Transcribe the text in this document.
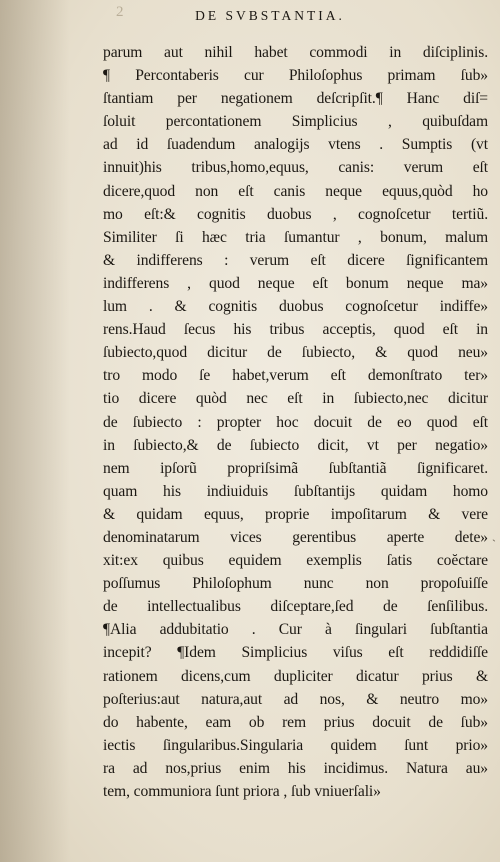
2	DE SVBSTANTIA.
parum aut nihil habet commodi in diſciplinis.
¶ Percontaberis cur Philoſophus primam ſub»
ſtantiam per negationem deſcripſit.¶ Hanc diſ=
ſoluit percontationem Simplicius , quibuſdam
ad id ſuadendum analogijs vtens . Sumptis (vt
innuit)his tribus,homo,equus, canis: verum eſt
dicere,quod non eſt canis neque equus,quòd ho
mo eſt:& cognitis duobus , cognoſcetur tertiũ.
Similiter ſi hæc tria ſumantur , bonum, malum
& indifferens : verum eſt dicere ſignificantem
indifferens , quod neque eſt bonum neque ma»
lum . & cognitis duobus cognoſcetur indiffe»
rens.Haud ſecus his tribus acceptis, quod eſt in
ſubiecto,quod dicitur de ſubiecto, & quod neu»
tro modo ſe habet,verum eſt demonſtrato ter»
tio dicere quòd nec eſt in ſubiecto,nec dicitur
de ſubiecto : propter hoc docuit de eo quod eſt
in ſubiecto,& de ſubiecto dicit, vt per negatio»
nem ipſorũ propriſsimã ſubſtantiã ſignificaret.
quam his indiuiduis ſubſtantijs quidam homo
& quidam equus, proprie impoſitarum & vere
denominatarum vices gerentibus aperte dete»
xit:ex quibus equidem exemplis ſatis coĕctare
poſſumus Philoſophum nunc non propoſuiſſe
de intellectualibus diſceptare,ſed de ſenſilibus.
¶Alia addubitatio . Cur à ſingulari ſubſtantia
incepit? ¶Idem Simplicius viſus eſt reddidiſſe
rationem dicens,cum dupliciter dicatur prius &
poſterius:aut natura,aut ad nos, & neutro mo»
do habente, eam ob rem prius docuit de ſub»
iectis ſingularibus.Singularia quidem ſunt prio»
ra ad nos,prius enim his incidimus. Natura au»
tem, communiora ſunt priora , ſub vniuerſali»
ˎ
